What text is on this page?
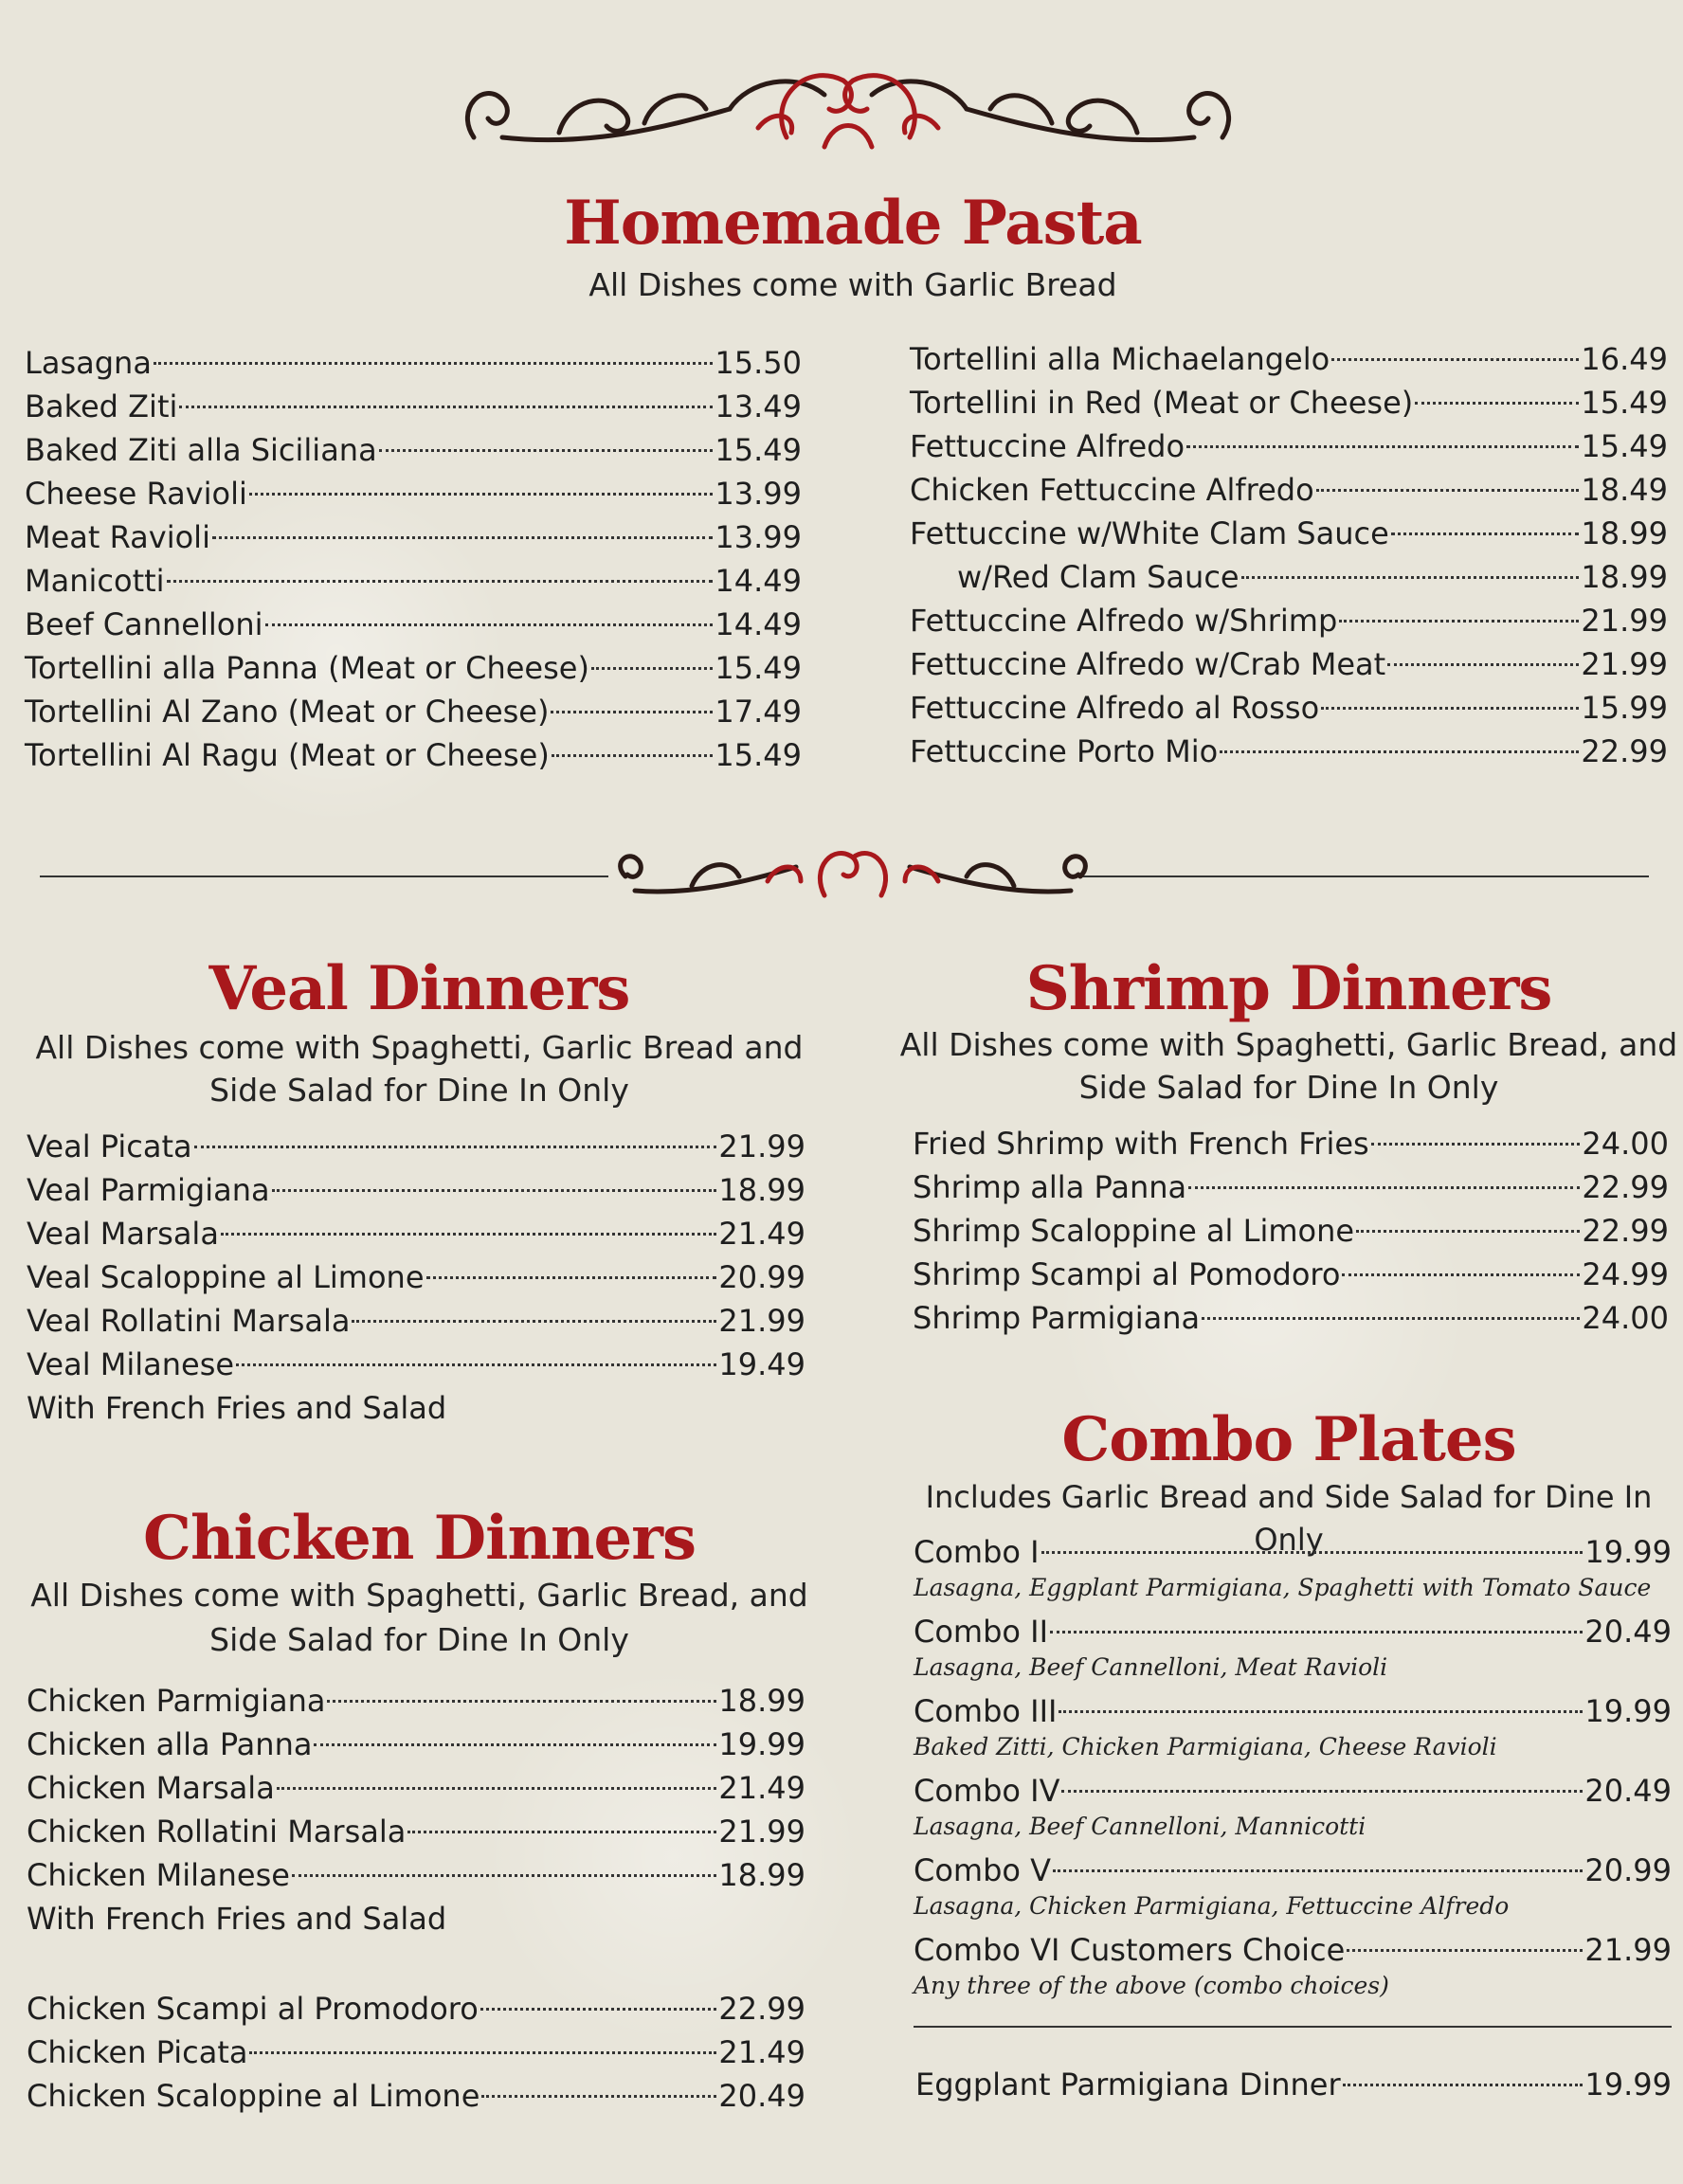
Homemade Pasta
All Dishes come with Garlic Bread
Lasagna	15.50
Baked Ziti	13.49
Baked Ziti alla Siciliana	15.49
Cheese Ravioli	13.99
Meat Ravioli	13.99
Manicotti	14.49
Beef Cannelloni	14.49
Tortellini alla Panna (Meat or Cheese)	15.49
Tortellini Al Zano (Meat or Cheese)	17.49
Tortellini Al Ragu (Meat or Cheese)	15.49
Tortellini alla Michaelangelo	16.49
Tortellini in Red (Meat or Cheese)	15.49
Fettuccine Alfredo	15.49
Chicken Fettuccine Alfredo	18.49
Fettuccine w/White Clam Sauce	18.99
w/Red Clam Sauce	18.99
Fettuccine Alfredo w/Shrimp	21.99
Fettuccine Alfredo w/Crab Meat	21.99
Fettuccine Alfredo al Rosso	15.99
Fettuccine Porto Mio	22.99
Veal Dinners
All Dishes come with Spaghetti, Garlic Bread and
Side Salad for Dine In Only
Veal Picata	21.99
Veal Parmigiana	18.99
Veal Marsala	21.49
Veal Scaloppine al Limone	20.99
Veal Rollatini Marsala	21.99
Veal Milanese	19.49
With French Fries and Salad
Chicken Dinners
All Dishes come with Spaghetti, Garlic Bread, and
Side Salad for Dine In Only
Chicken Parmigiana	18.99
Chicken alla Panna	19.99
Chicken Marsala	21.49
Chicken Rollatini Marsala	21.99
Chicken Milanese	18.99
With French Fries and Salad
Chicken Scampi al Promodoro	22.99
Chicken Picata	21.49
Chicken Scaloppine al Limone	20.49
Shrimp Dinners
All Dishes come with Spaghetti, Garlic Bread, and
Side Salad for Dine In Only
Fried Shrimp with French Fries	24.00
Shrimp alla Panna	22.99
Shrimp Scaloppine al Limone	22.99
Shrimp Scampi al Pomodoro	24.99
Shrimp Parmigiana	24.00
Combo Plates
Includes Garlic Bread and Side Salad for Dine In Only
Combo I	19.99
Lasagna, Eggplant Parmigiana, Spaghetti with Tomato Sauce
Combo II	20.49
Lasagna, Beef Cannelloni, Meat Ravioli
Combo III	19.99
Baked Zitti, Chicken Parmigiana, Cheese Ravioli
Combo IV	20.49
Lasagna, Beef Cannelloni, Mannicotti
Combo V	20.99
Lasagna, Chicken Parmigiana, Fettuccine Alfredo
Combo VI Customers Choice	21.99
Any three of the above (combo choices)
Eggplant Parmigiana Dinner	19.99
